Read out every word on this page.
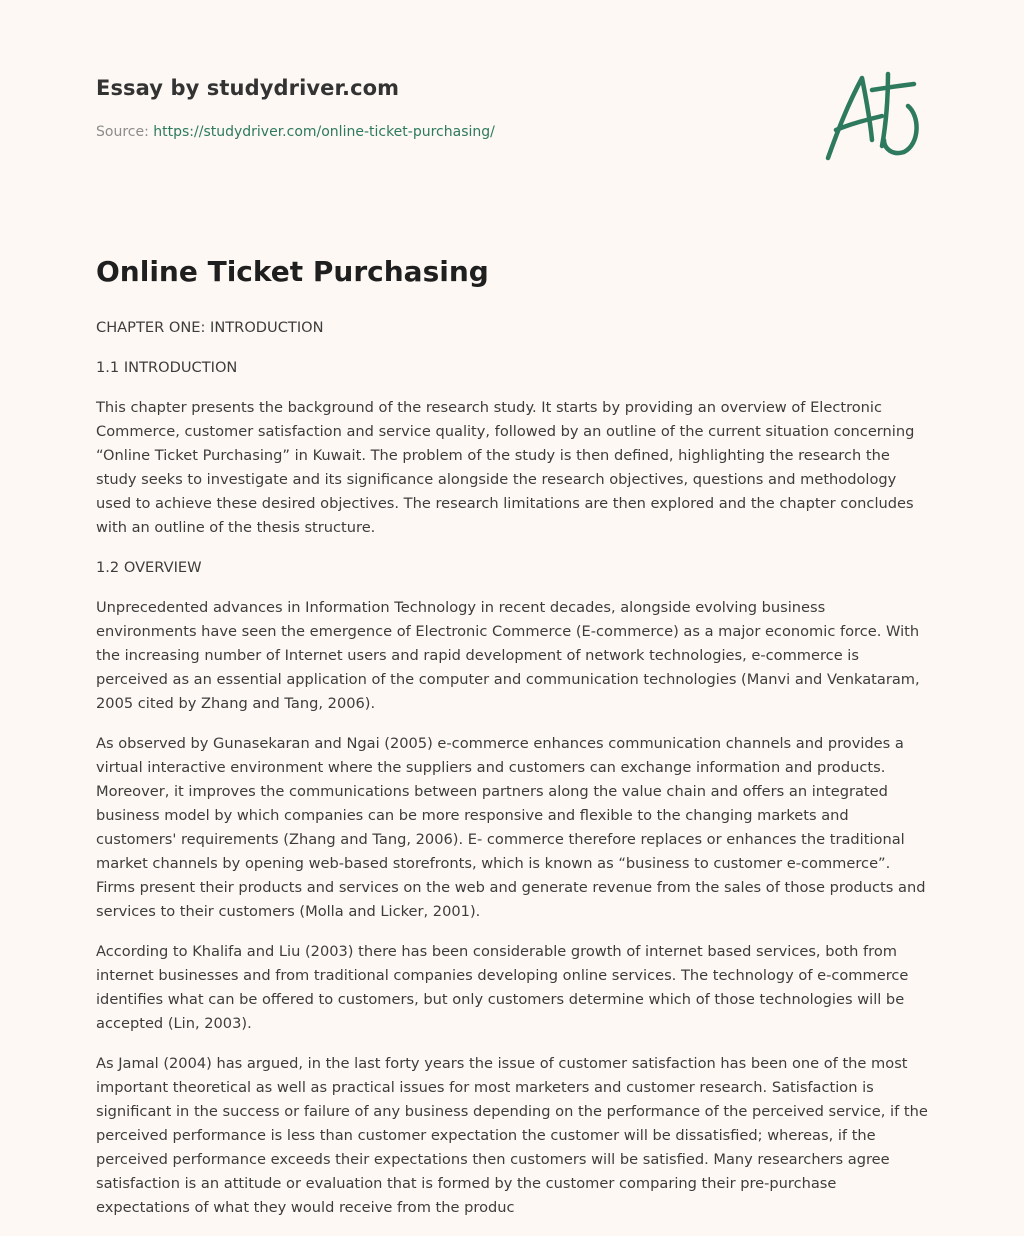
Essay by studydriver.com
Source: https://studydriver.com/online-ticket-purchasing/
Online Ticket Purchasing

CHAPTER ONE: INTRODUCTION

1.1 INTRODUCTION

This chapter presents the background of the research study. It starts by providing an overview of Electronic Commerce, customer satisfaction and service quality, followed by an outline of the current situation concerning “Online Ticket Purchasing” in Kuwait. The problem of the study is then defined, highlighting the research the study seeks to investigate and its significance alongside the research objectives, questions and methodology used to achieve these desired objectives. The research limitations are then explored and the chapter concludes with an outline of the thesis structure.

1.2 OVERVIEW

Unprecedented advances in Information Technology in recent decades, alongside evolving business environments have seen the emergence of Electronic Commerce (E-commerce) as a major economic force. With the increasing number of Internet users and rapid development of network technologies, e-commerce is perceived as an essential application of the computer and communication technologies (Manvi and Venkataram, 2005 cited by Zhang and Tang, 2006).

As observed by Gunasekaran and Ngai (2005) e-commerce enhances communication channels and provides a virtual interactive environment where the suppliers and customers can exchange information and products. Moreover, it improves the communications between partners along the value chain and offers an integrated business model by which companies can be more responsive and flexible to the changing markets and customers' requirements (Zhang and Tang, 2006). E- commerce therefore replaces or enhances the traditional market channels by opening web-based storefronts, which is known as “business to customer e-commerce”. Firms present their products and services on the web and generate revenue from the sales of those products and services to their customers (Molla and Licker, 2001).

According to Khalifa and Liu (2003) there has been considerable growth of internet based services, both from internet businesses and from traditional companies developing online services. The technology of e-commerce identifies what can be offered to customers, but only customers determine which of those technologies will be accepted (Lin, 2003).

As Jamal (2004) has argued, in the last forty years the issue of customer satisfaction has been one of the most important theoretical as well as practical issues for most marketers and customer research. Satisfaction is significant in the success or failure of any business depending on the performance of the perceived service, if the perceived performance is less than customer expectation the customer will be dissatisfied; whereas, if the perceived performance exceeds their expectations then customers will be satisfied. Many researchers agree satisfaction is an attitude or evaluation that is formed by the customer comparing their pre-purchase expectations of what they would receive from the produc
